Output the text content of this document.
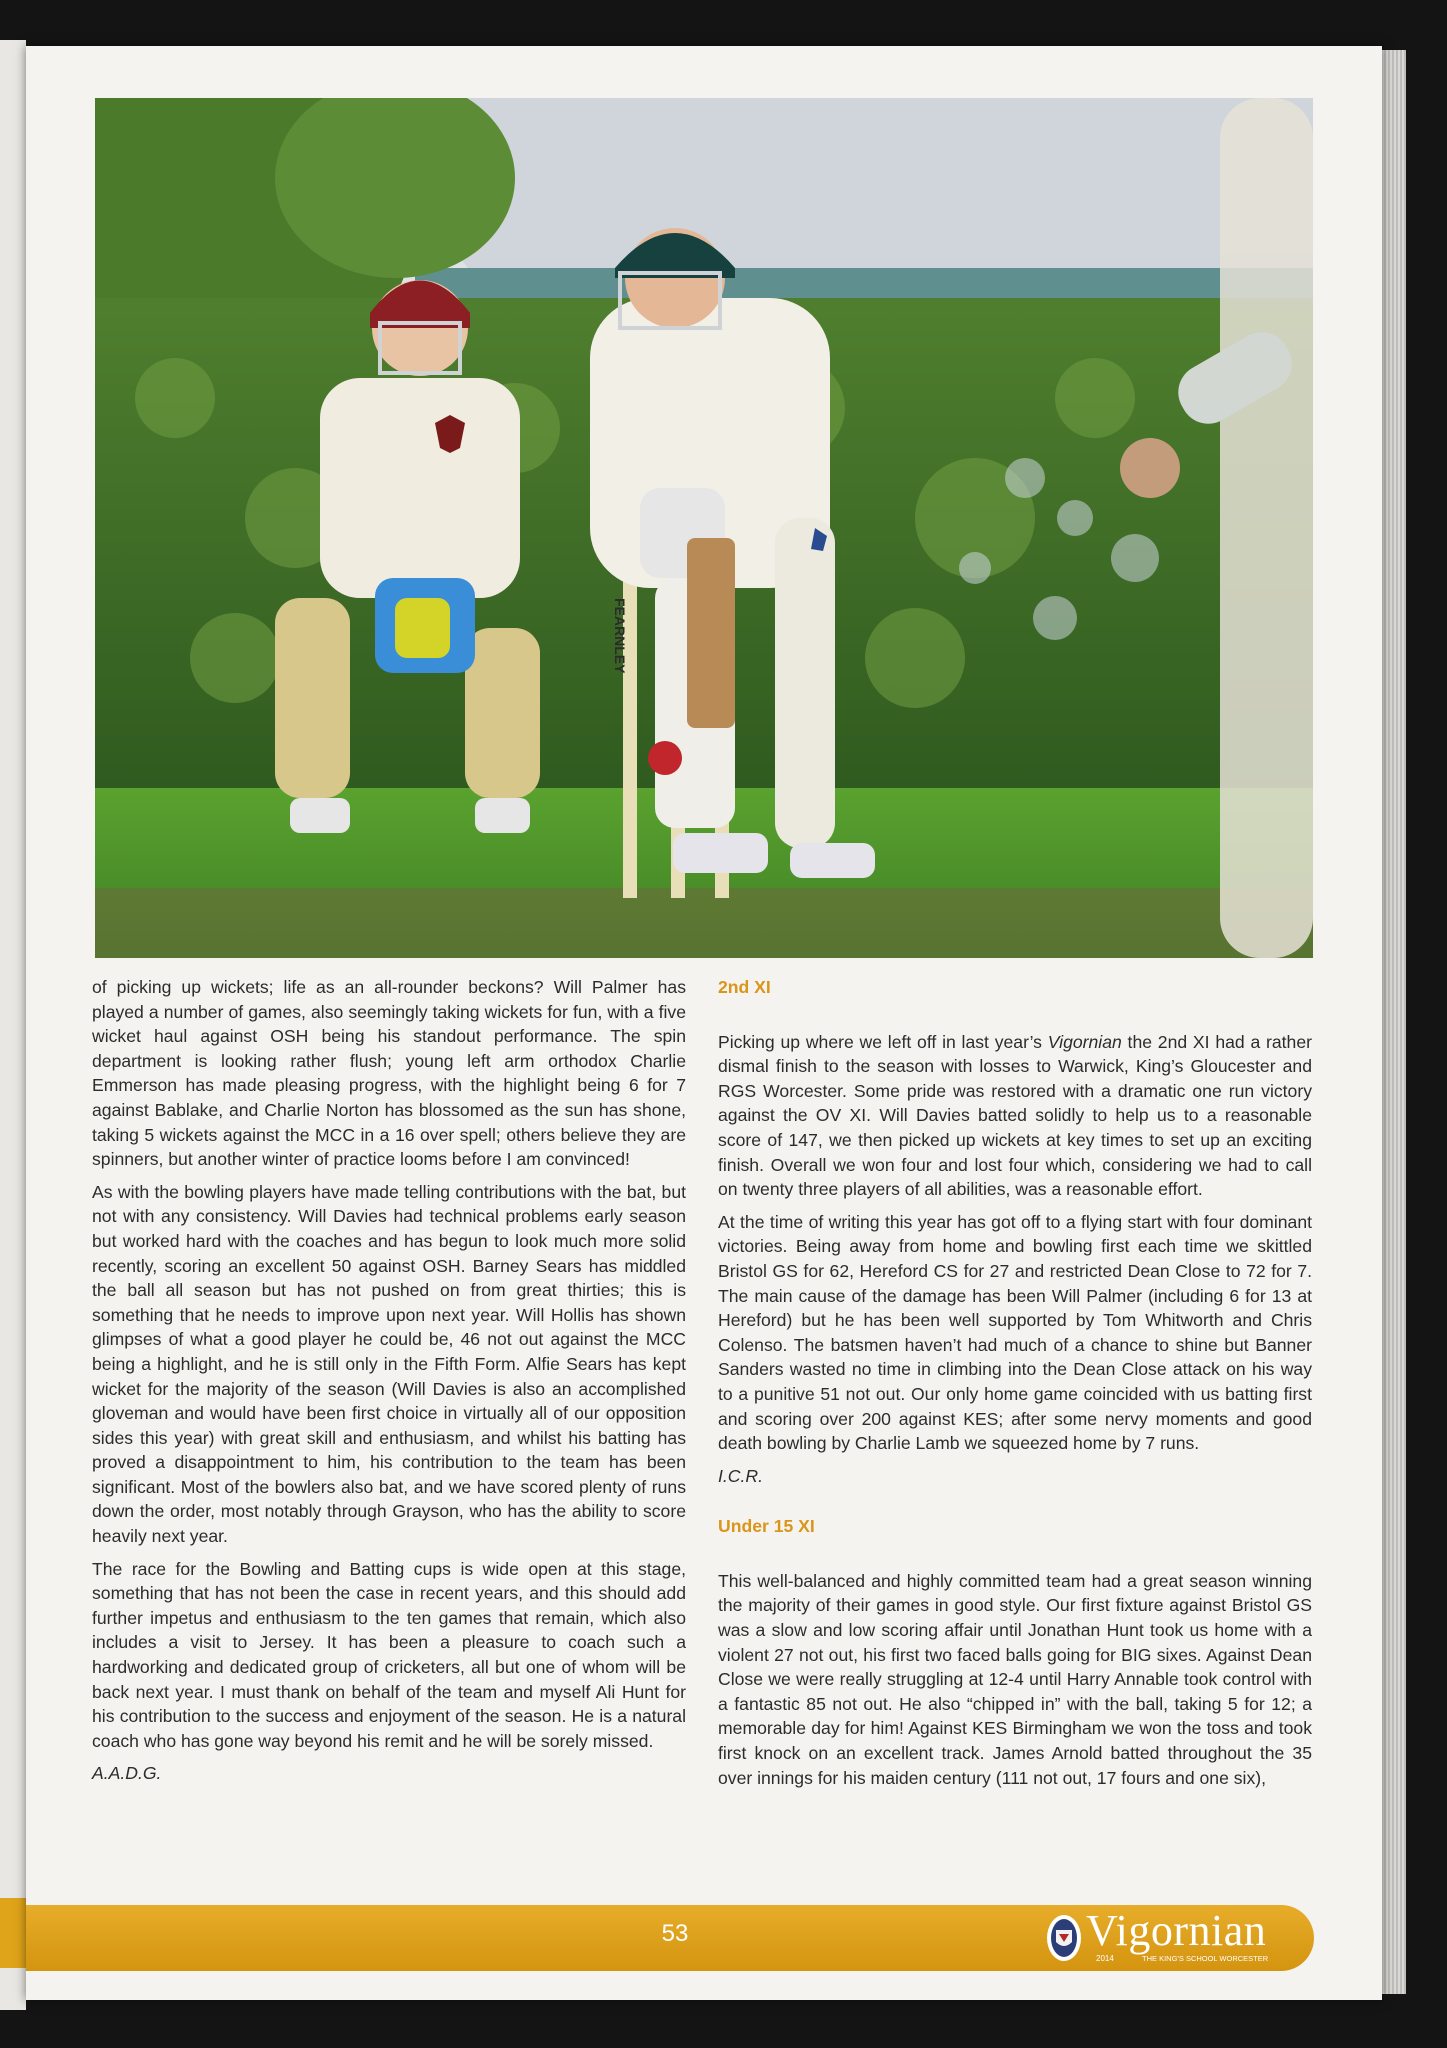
FEARNLEY

of picking up wickets; life as an all-rounder beckons? Will Palmer has played a number of games, also seemingly taking wickets for fun, with a five wicket haul against OSH being his standout performance. The spin department is looking rather flush; young left arm orthodox Charlie Emmerson has made pleasing progress, with the highlight being 6 for 7 against Bablake, and Charlie Norton has blossomed as the sun has shone, taking 5 wickets against the MCC in a 16 over spell; others believe they are spinners, but another winter of practice looms before I am convinced!

As with the bowling players have made telling contributions with the bat, but not with any consistency. Will Davies had technical problems early season but worked hard with the coaches and has begun to look much more solid recently, scoring an excellent 50 against OSH. Barney Sears has middled the ball all season but has not pushed on from great thirties; this is something that he needs to improve upon next year. Will Hollis has shown glimpses of what a good player he could be, 46 not out against the MCC being a highlight, and he is still only in the Fifth Form. Alfie Sears has kept wicket for the majority of the season (Will Davies is also an accomplished gloveman and would have been first choice in virtually all of our opposition sides this year) with great skill and enthusiasm, and whilst his batting has proved a disappointment to him, his contribution to the team has been significant. Most of the bowlers also bat, and we have scored plenty of runs down the order, most notably through Grayson, who has the ability to score heavily next year.

The race for the Bowling and Batting cups is wide open at this stage, something that has not been the case in recent years, and this should add further impetus and enthusiasm to the ten games that remain, which also includes a visit to Jersey. It has been a pleasure to coach such a hardworking and dedicated group of cricketers, all but one of whom will be back next year. I must thank on behalf of the team and myself Ali Hunt for his contribution to the success and enjoyment of the season. He is a natural coach who has gone way beyond his remit and he will be sorely missed.

A.A.D.G.

2nd XI

Picking up where we left off in last year’s Vigornian the 2nd XI had a rather dismal finish to the season with losses to Warwick, King’s Gloucester and RGS Worcester. Some pride was restored with a dramatic one run victory against the OV XI. Will Davies batted solidly to help us to a reasonable score of 147, we then picked up wickets at key times to set up an exciting finish. Overall we won four and lost four which, considering we had to call on twenty three players of all abilities, was a reasonable effort.

At the time of writing this year has got off to a flying start with four dominant victories. Being away from home and bowling first each time we skittled Bristol GS for 62, Hereford CS for 27 and restricted Dean Close to 72 for 7. The main cause of the damage has been Will Palmer (including 6 for 13 at Hereford) but he has been well supported by Tom Whitworth and Chris Colenso. The batsmen haven’t had much of a chance to shine but Banner Sanders wasted no time in climbing into the Dean Close attack on his way to a punitive 51 not out. Our only home game coincided with us batting first and scoring over 200 against KES; after some nervy moments and good death bowling by Charlie Lamb we squeezed home by 7 runs.

I.C.R.

Under 15 XI

This well-balanced and highly committed team had a great season winning the majority of their games in good style. Our first fixture against Bristol GS was a slow and low scoring affair until Jonathan Hunt took us home with a violent 27 not out, his first two faced balls going for BIG sixes. Against Dean Close we were really struggling at 12-4 until Harry Annable took control with a fantastic 85 not out. He also “chipped in” with the ball, taking 5 for 12; a memorable day for him! Against KES Birmingham we won the toss and took first knock on an excellent track. James Arnold batted throughout the 35 over innings for his maiden century (111 not out, 17 fours and one six),

53	Vigornian
2014	THE KING'S SCHOOL WORCESTER
